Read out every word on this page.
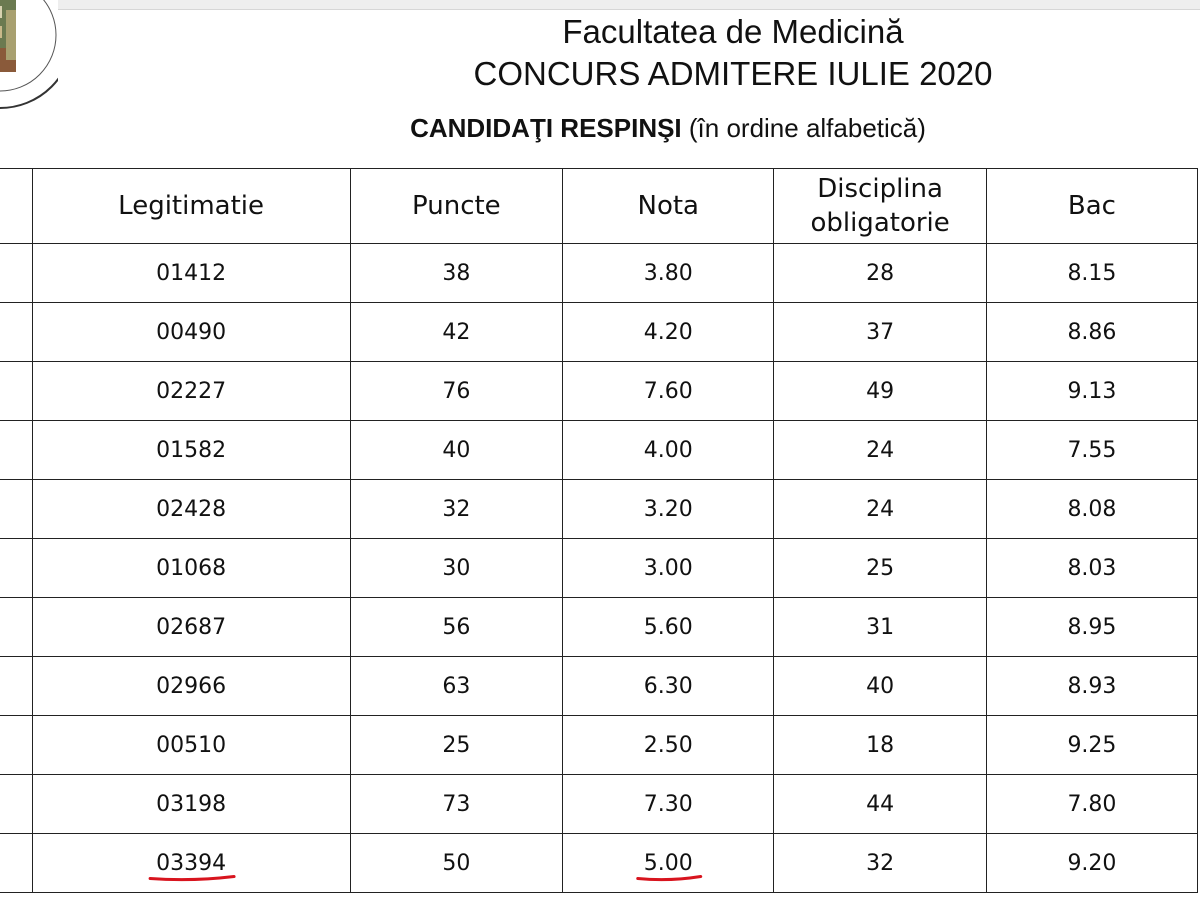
Facultatea de Medicină
CONCURS ADMITERE IULIE 2020
CANDIDAŢI RESPINŞI (în ordine alfabetică)
	Legitimatie	Puncte	Nota	Disciplina obligatorie	Bac
	01412	38	3.80	28	8.15
	00490	42	4.20	37	8.86
	02227	76	7.60	49	9.13
	01582	40	4.00	24	7.55
	02428	32	3.20	24	8.08
	01068	30	3.00	25	8.03
	02687	56	5.60	31	8.95
	02966	63	6.30	40	8.93
	00510	25	2.50	18	9.25
	03198	73	7.30	44	7.80
	03394	50	5.00	32	9.20
